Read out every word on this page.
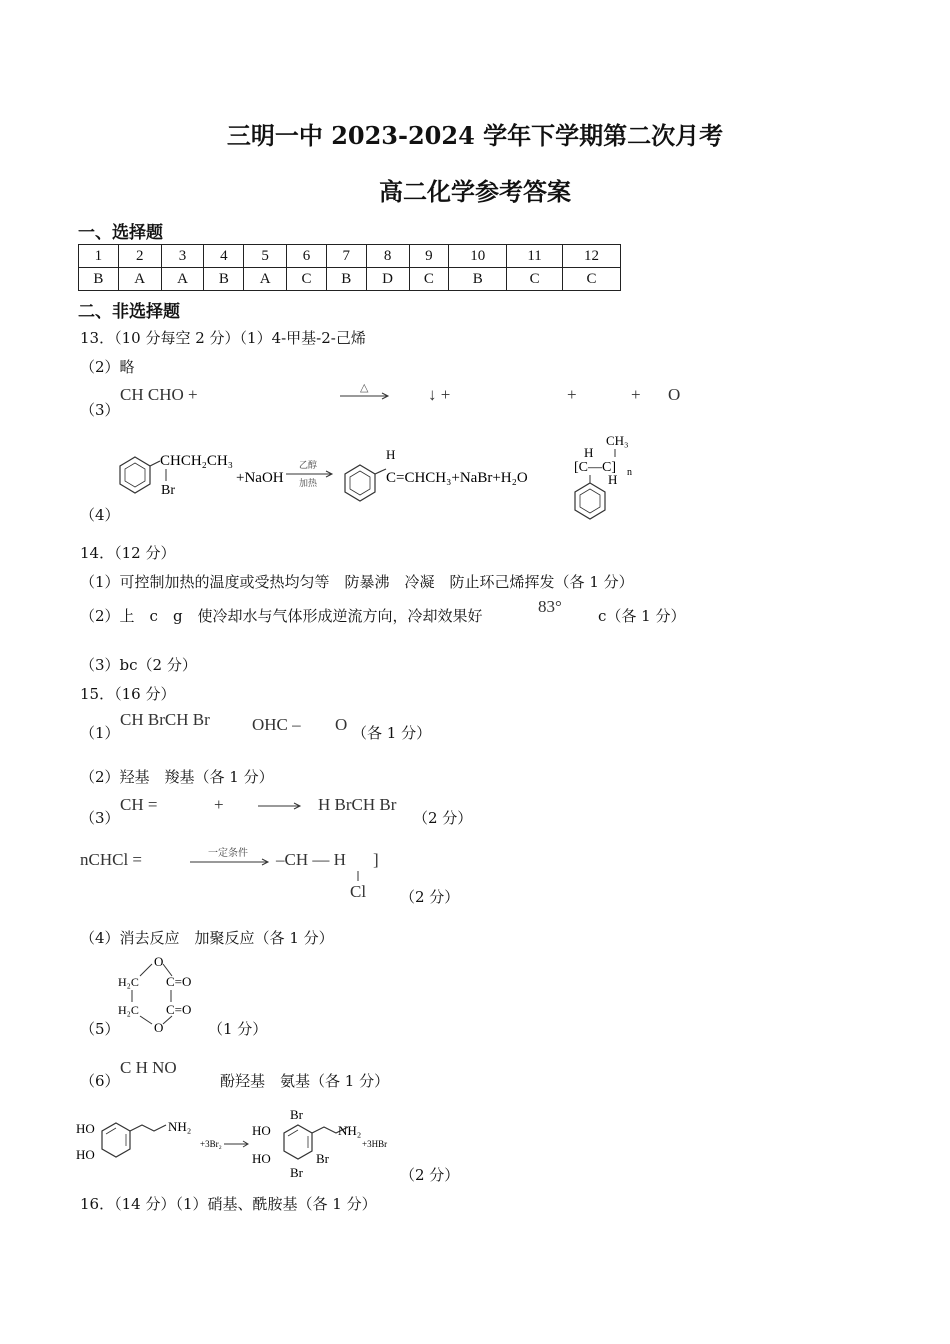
三明一中 2023-2024 学年下学期第二次月考
高二化学参考答案
一、选择题
1	2	3	4	5	6	7	8	9	10	11	12
B	A	A	B	A	C	B	D	C	B	C	C
二、非选择题
13．（10 分每空 2 分）（1）4-甲基-2-己烯
（2）略
（3）
CH CHO +	△	↓ +	+	+ O
CHCH₂CH₃
Br
+NaOH
乙醇
加热
H
C=CHCH₃+NaBr+H₂O
CH₃
H
[C—C] n
H
（4）
14．（12 分）
（1）可控制加热的温度或受热均匀等　防暴沸　冷凝　防止环己烯挥发（各 1 分）
（2）上　c　g　使冷却水与气体形成逆流方向，冷却效果好	83° c（各 1 分）
（3）bc（2 分）
15．（16 分）
（1）
CH BrCH Br OHC – O （各 1 分）
（2）羟基　羧基（各 1 分）
（3）
CH =	+	H BrCH Br
（2 分）
nCHCl =	一定条件 –CH — H ]
Cl （2 分）
（4）消去反应　加聚反应（各 1 分）
O
H₂C C=O
H₂C C=O
O
（5）	（1 分）
（6）
C H NO
酚羟基　氨基（各 1 分）
HO
HO
NH₂
+3Br₂
Br
HO
HO
NH₂
Br
Br
+3HBr
（2 分）
16．（14 分）（1）硝基、酰胺基（各 1 分）
